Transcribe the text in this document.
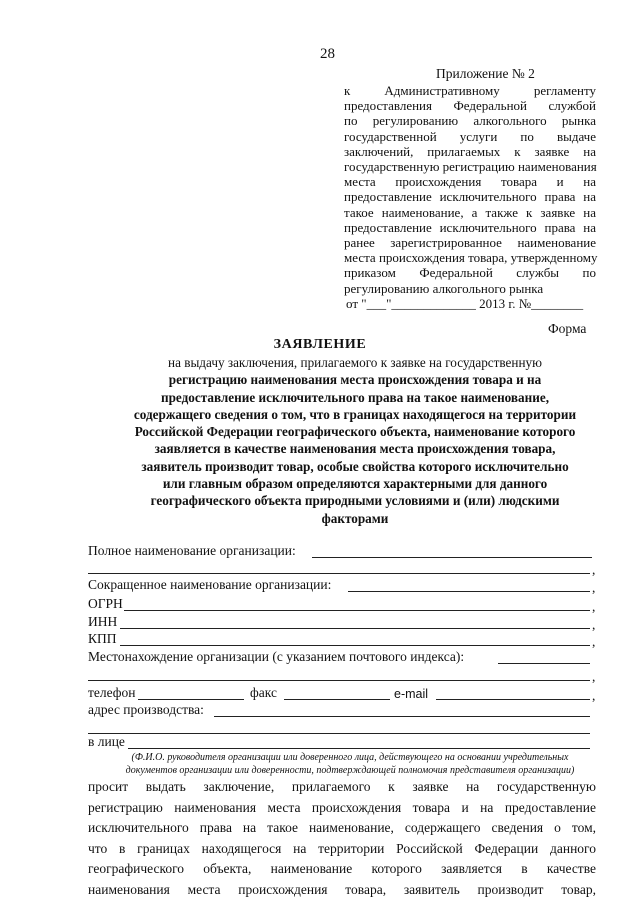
28
Приложение № 2
к Административному регламенту
предоставления Федеральной службой
по регулированию алкогольного рынка
государственной услуги по выдаче
заключений, прилагаемых к заявке на
государственную регистрацию наименования
места происхождения товара и на
предоставление исключительного права на
такое наименование, а также к заявке на
предоставление исключительного права на
ранее зарегистрированное наименование
места происхождения товара, утвержденному
приказом Федеральной службы по
регулированию алкогольного рынка
от "___"_____________ 2013 г. №________
Форма
ЗАЯВЛЕНИЕ
на выдачу заключения, прилагаемого к заявке на государственную
регистрацию наименования места происхождения товара и на
предоставление исключительного права на такое наименование,
содержащего сведения о том, что в границах находящегося на территории
Российской Федерации географического объекта, наименование которого
заявляется в качестве наименования места происхождения товара,
заявитель производит товар, особые свойства которого исключительно
или главным образом определяются характерными для данного
географического объекта природными условиями и (или) людскими
факторами
Полное наименование организации:
,
Сокращенное наименование организации:	,
ОГРН	,
ИНН	,
КПП	,
Местонахождение организации (с указанием почтового индекса):
,
телефон	факс	e-mail	,
адрес производства:
в лице
(Ф.И.О. руководителя организации или доверенного лица, действующего на основании учредительных
документов организации или доверенности, подтверждающей полномочия представителя организации)
просит выдать заключение, прилагаемого к заявке на государственную
регистрацию наименования места происхождения товара и на предоставление
исключительного права на такое наименование, содержащего сведения о том,
что в границах находящегося на территории Российской Федерации данного
географического объекта, наименование которого заявляется в качестве
наименования места происхождения товара, заявитель производит товар,
